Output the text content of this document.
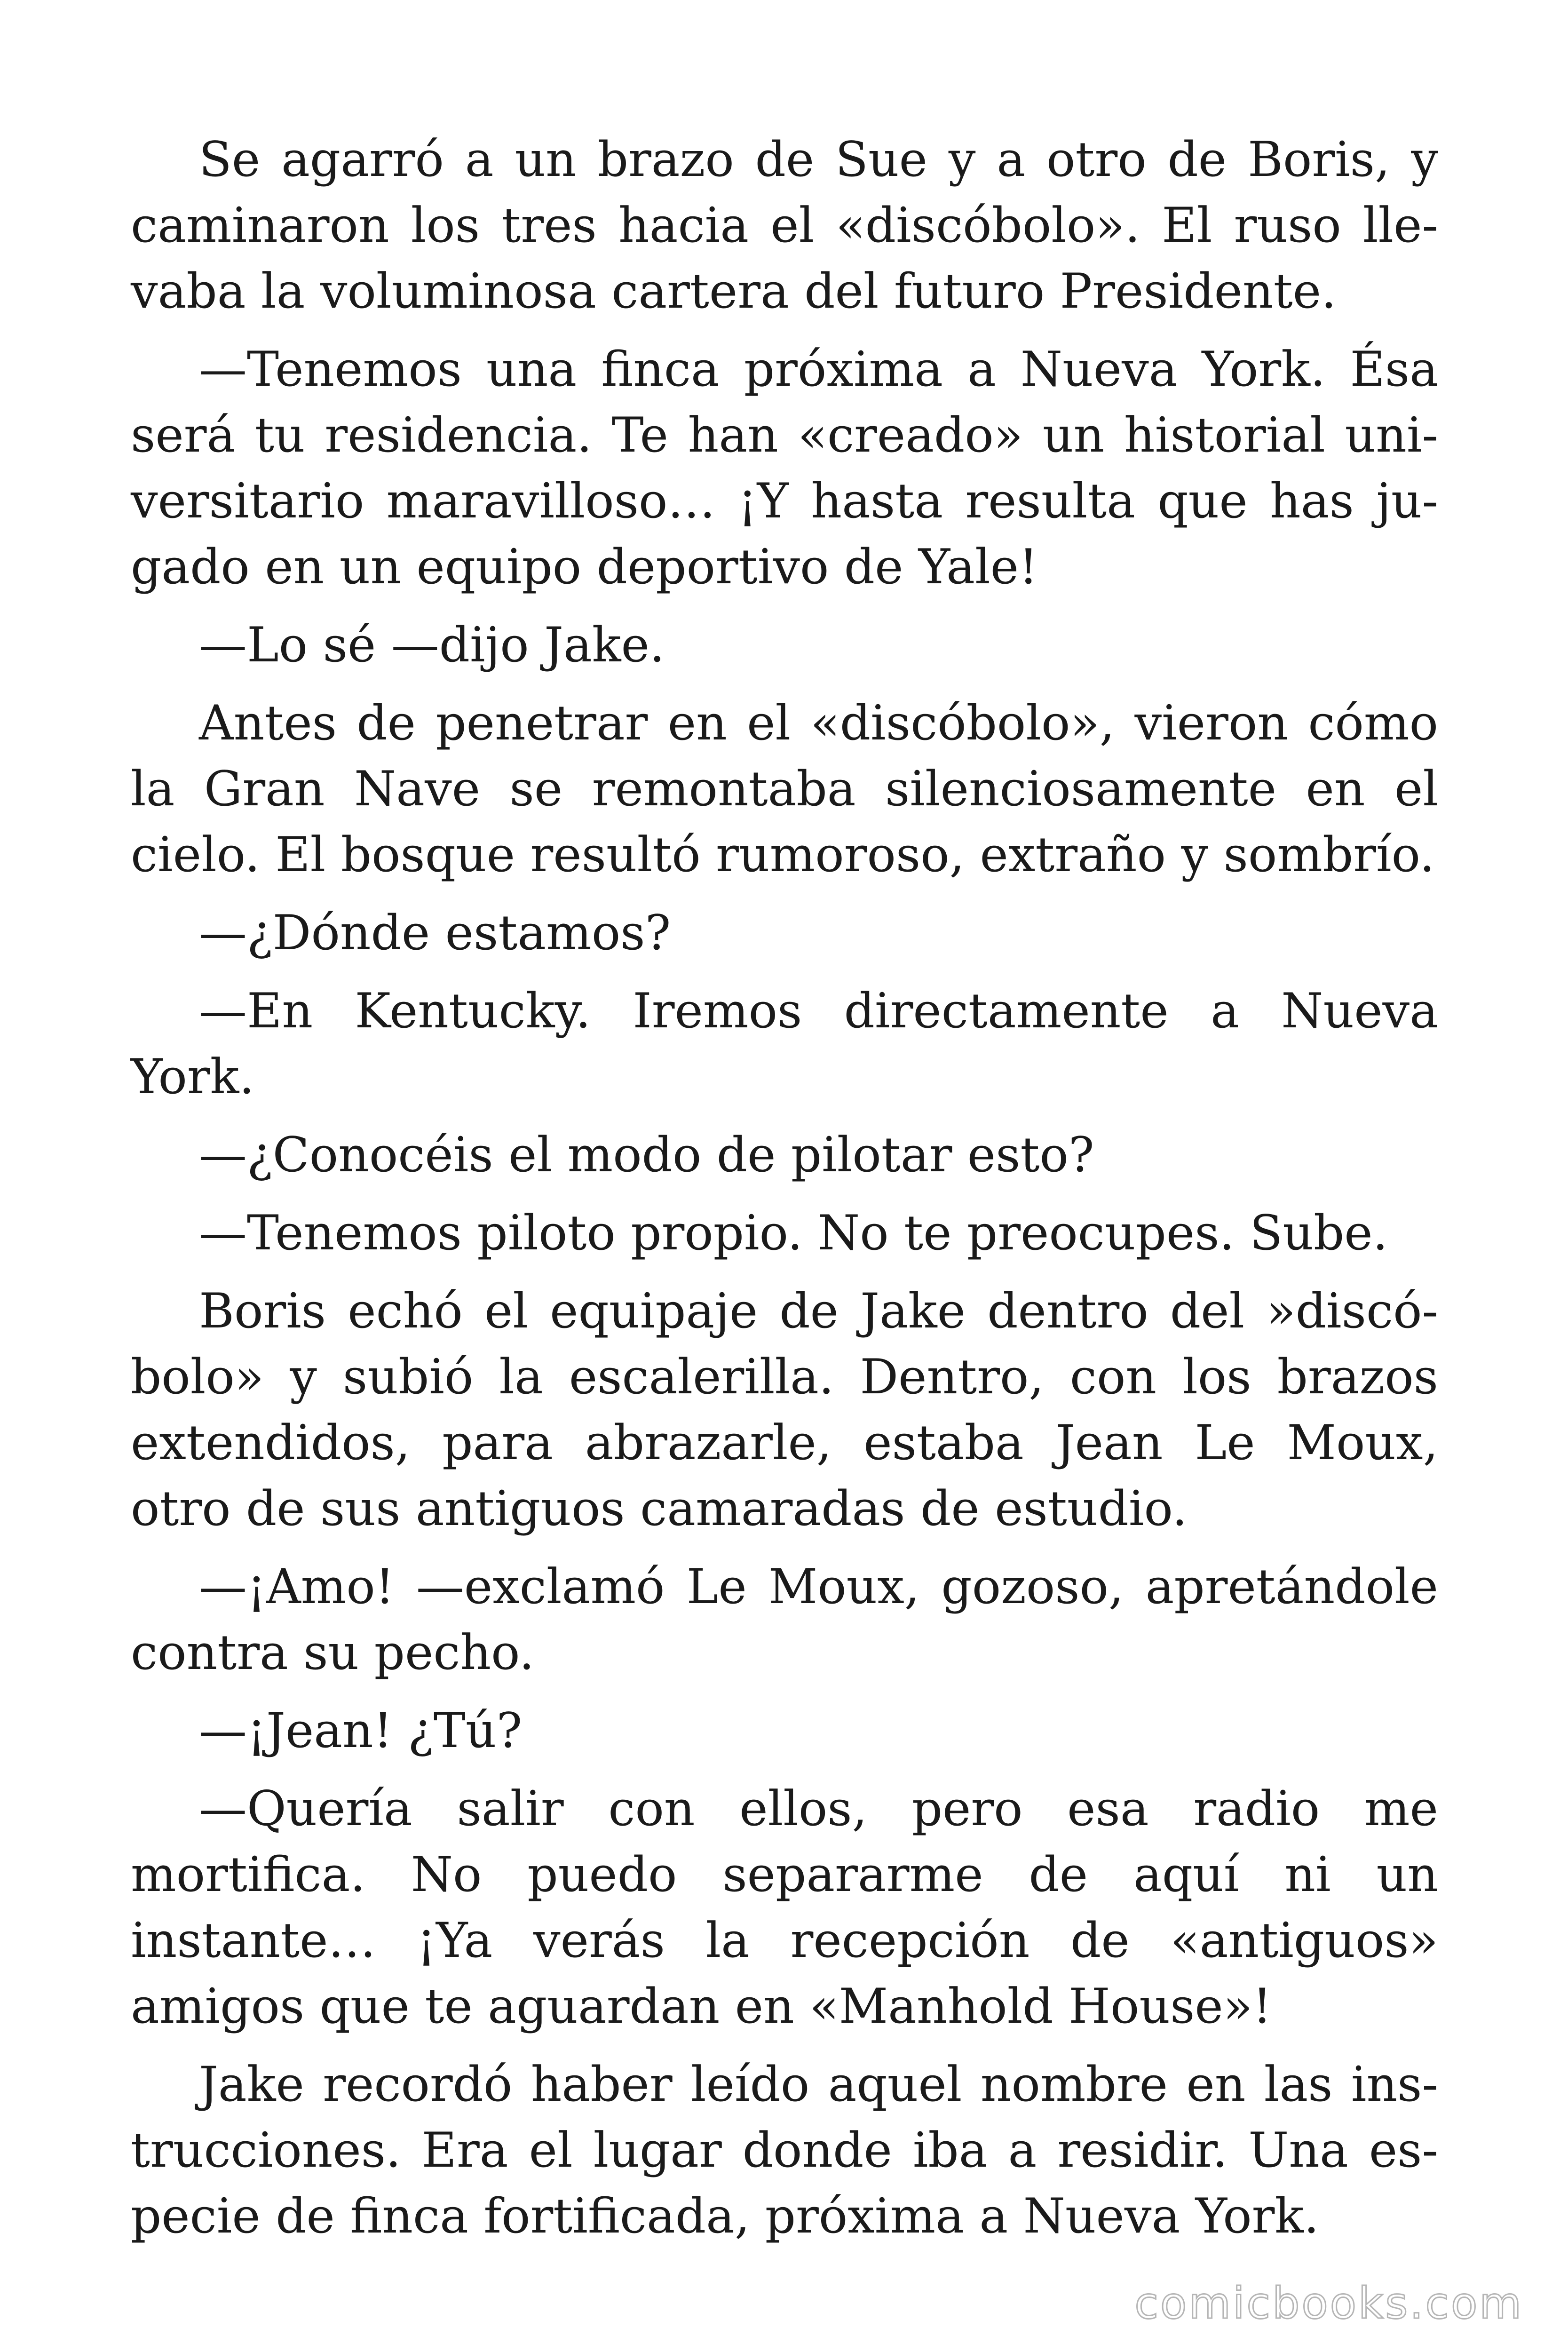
Se agarró a un brazo de Sue y a otro de Boris, y caminaron los tres hacia el «discóbolo». El ruso llevaba la voluminosa cartera del futuro Presidente.

—Tenemos una finca próxima a Nueva York. Ésa será tu residencia. Te han «creado» un historial universitario maravilloso… ¡Y hasta resulta que has jugado en un equipo deportivo de Yale!

—Lo sé —dijo Jake.

Antes de penetrar en el «discóbolo», vieron cómo la Gran Nave se remontaba silenciosamente en el cielo. El bosque resultó rumoroso, extraño y sombrío.

—¿Dónde estamos?

—En Kentucky. Iremos directamente a Nueva York.

—¿Conocéis el modo de pilotar esto?

—Tenemos piloto propio. No te preocupes. Sube.

Boris echó el equipaje de Jake dentro del »discóbolo» y subió la escalerilla. Dentro, con los brazos extendidos, para abrazarle, estaba Jean Le Moux, otro de sus antiguos camaradas de estudio.

—¡Amo! —exclamó Le Moux, gozoso, apretándole contra su pecho.

—¡Jean! ¿Tú?

—Quería salir con ellos, pero esa radio me mortifica. No puedo separarme de aquí ni un instante… ¡Ya verás la recepción de «antiguos» amigos que te aguardan en «Manhold House»!

Jake recordó haber leído aquel nombre en las instrucciones. Era el lugar donde iba a residir. Una especie de finca fortificada, próxima a Nueva York.

comicbooks.com
